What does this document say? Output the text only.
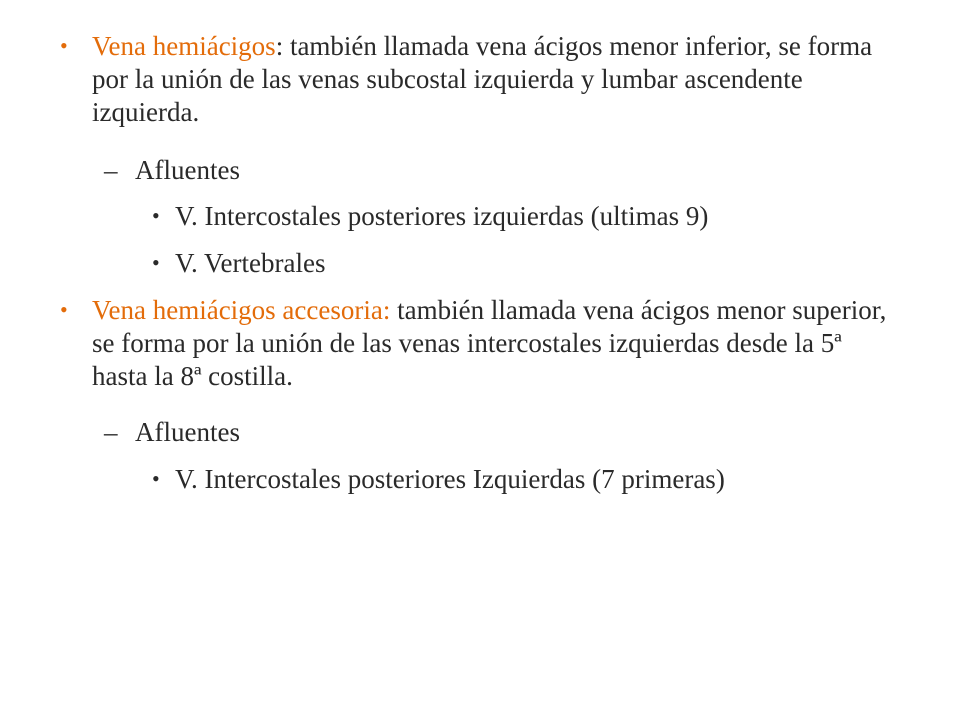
• Vena hemiácigos: también llamada vena ácigos menor inferior, se forma por la unión de las venas subcostal izquierda y lumbar ascendente izquierda.
– Afluentes
• V. Intercostales posteriores izquierdas (ultimas 9)
• V. Vertebrales
• Vena hemiácigos accesoria: también llamada vena ácigos menor superior, se forma por la unión de las venas intercostales izquierdas desde la 5ª hasta la 8ª costilla.
– Afluentes
• V. Intercostales posteriores Izquierdas (7 primeras)
